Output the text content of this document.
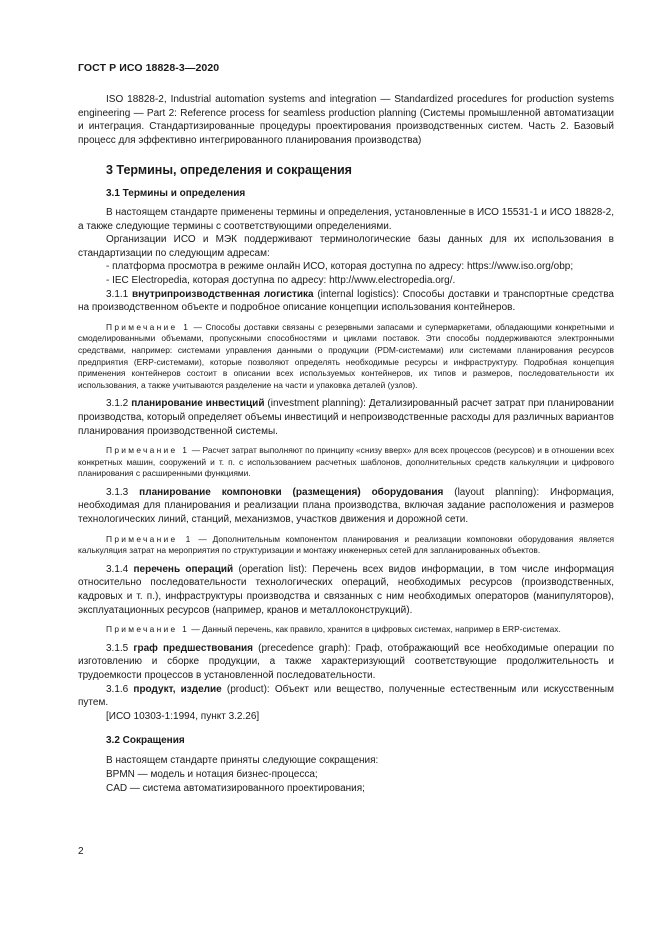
ГОСТ Р ИСО 18828-3—2020

ISO 18828-2, Industrial automation systems and integration — Standardized procedures for production systems engineering — Part 2: Reference process for seamless production planning (Системы промышленной автоматизации и интеграция. Стандартизированные процедуры проектирования производственных систем. Часть 2. Базовый процесс для эффективно интегрированного планирования производства)

3 Термины, определения и сокращения
3.1 Термины и определения

В настоящем стандарте применены термины и определения, установленные в ИСО 15531-1 и ИСО 18828-2, а также следующие термины с соответствующими определениями.

Организации ИСО и МЭК поддерживают терминологические базы данных для их использования в стандартизации по следующим адресам:

- платформа просмотра в режиме онлайн ИСО, которая доступна по адресу: https://www.iso.org/obp;

- IEC Electropedia, которая доступна по адресу: http://www.electropedia.org/.

3.1.1 внутрипроизводственная логистика (internal logistics): Способы доставки и транспортные средства на производственном объекте и подробное описание концепции использования контейнеров.

Примечание 1 — Способы доставки связаны с резервными запасами и супермаркетами, обладающими конкретными и смоделированными объемами, пропускными способностями и циклами поставок. Эти способы поддерживаются электронными средствами, например: системами управления данными о продукции (PDM-системами) или системами планирования ресурсов предприятия (ERP-системами), которые позволяют определять необходимые ресурсы и инфраструктуру. Подробная концепция применения контейнеров состоит в описании всех используемых контейнеров, их типов и размеров, последовательности их использования, а также учитываются разделение на части и упаковка деталей (узлов).

3.1.2 планирование инвестиций (investment planning): Детализированный расчет затрат при планировании производства, который определяет объемы инвестиций и непроизводственные расходы для различных вариантов планирования производственной системы.

Примечание 1 — Расчет затрат выполняют по принципу «снизу вверх» для всех процессов (ресурсов) и в отношении всех конкретных машин, сооружений и т. п. с использованием расчетных шаблонов, дополнительных средств калькуляции и цифрового планирования с расширенными функциями.

3.1.3 планирование компоновки (размещения) оборудования (layout planning): Информация, необходимая для планирования и реализации плана производства, включая задание расположения и размеров технологических линий, станций, механизмов, участков движения и дорожной сети.

Примечание 1 — Дополнительным компонентом планирования и реализации компоновки оборудования является калькуляция затрат на мероприятия по структуризации и монтажу инженерных сетей для запланированных объектов.

3.1.4 перечень операций (operation list): Перечень всех видов информации, в том числе информация относительно последовательности технологических операций, необходимых ресурсов (производственных, кадровых и т. п.), инфраструктуры производства и связанных с ним необходимых операторов (манипуляторов), эксплуатационных ресурсов (например, кранов и металлоконструкций).

Примечание 1 — Данный перечень, как правило, хранится в цифровых системах, например в ERP-системах.

3.1.5 граф предшествования (precedence graph): Граф, отображающий все необходимые операции по изготовлению и сборке продукции, а также характеризующий соответствующие продолжительность и трудоемкости процессов в установленной последовательности.

3.1.6 продукт, изделие (product): Объект или вещество, полученные естественным или искусственным путем.

[ИСО 10303-1:1994, пункт 3.2.26]

3.2 Сокращения

В настоящем стандарте приняты следующие сокращения:

BPMN — модель и нотация бизнес-процесса;

CAD — система автоматизированного проектирования;

2
